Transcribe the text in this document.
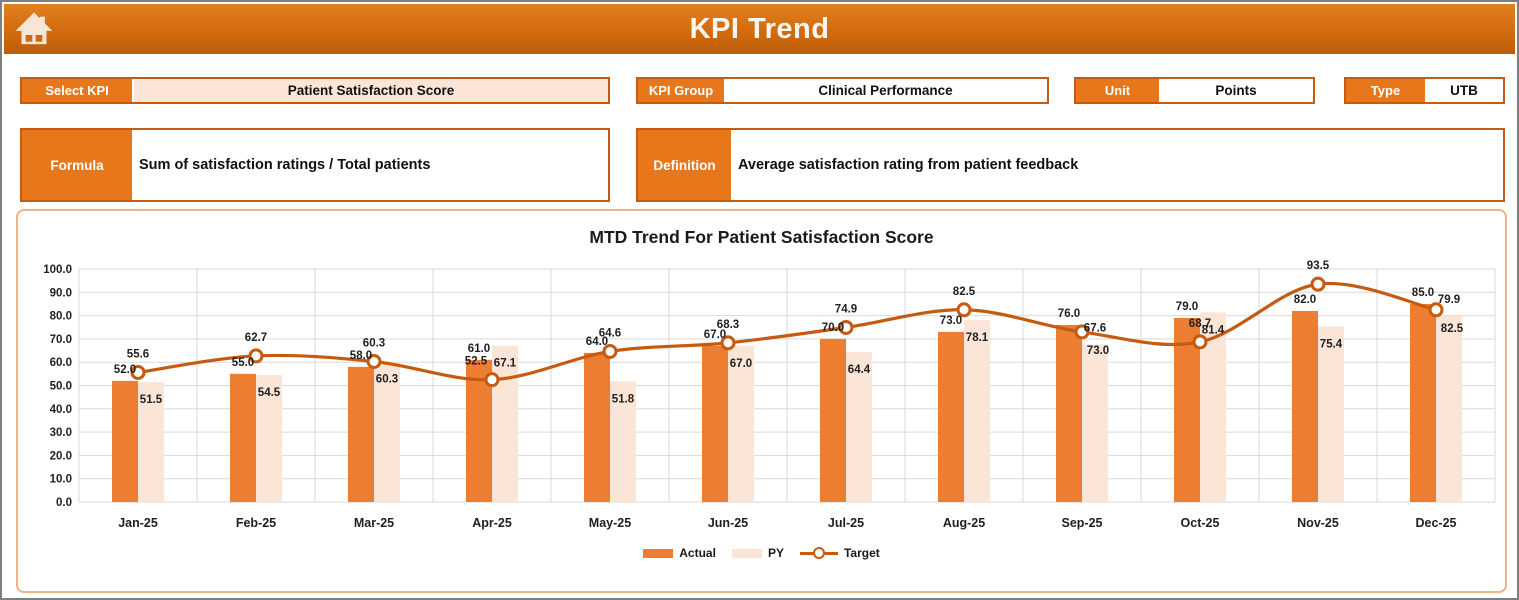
KPI Trend
Select KPI	Patient Satisfaction Score	KPI Group	Clinical Performance	Unit	Points	Type	UTB
Formula	Sum of satisfaction ratings / Total patients	Definition	Average satisfaction rating from patient feedback
MTD Trend For Patient Satisfaction Score
0.0
10.0
20.0
30.0
40.0
50.0
60.0
70.0
80.0
90.0
100.0
52.0
51.5
55.6
55.0
54.5
62.7
58.0
60.3
60.3	61.0
67.1
52.5
64.0
51.8
64.6	67.0
67.0
68.3	70.0
64.4
74.9
73.0
78.1
82.5
76.0
67.6
73.0
79.0
81.4
68.7
82.0
75.4
93.5
85.0
79.9
82.5
Jan-25	Feb-25	Mar-25	Apr-25	May-25	Jun-25	Jul-25	Aug-25	Sep-25	Oct-25	Nov-25	Dec-25
Actual	PY	Target
